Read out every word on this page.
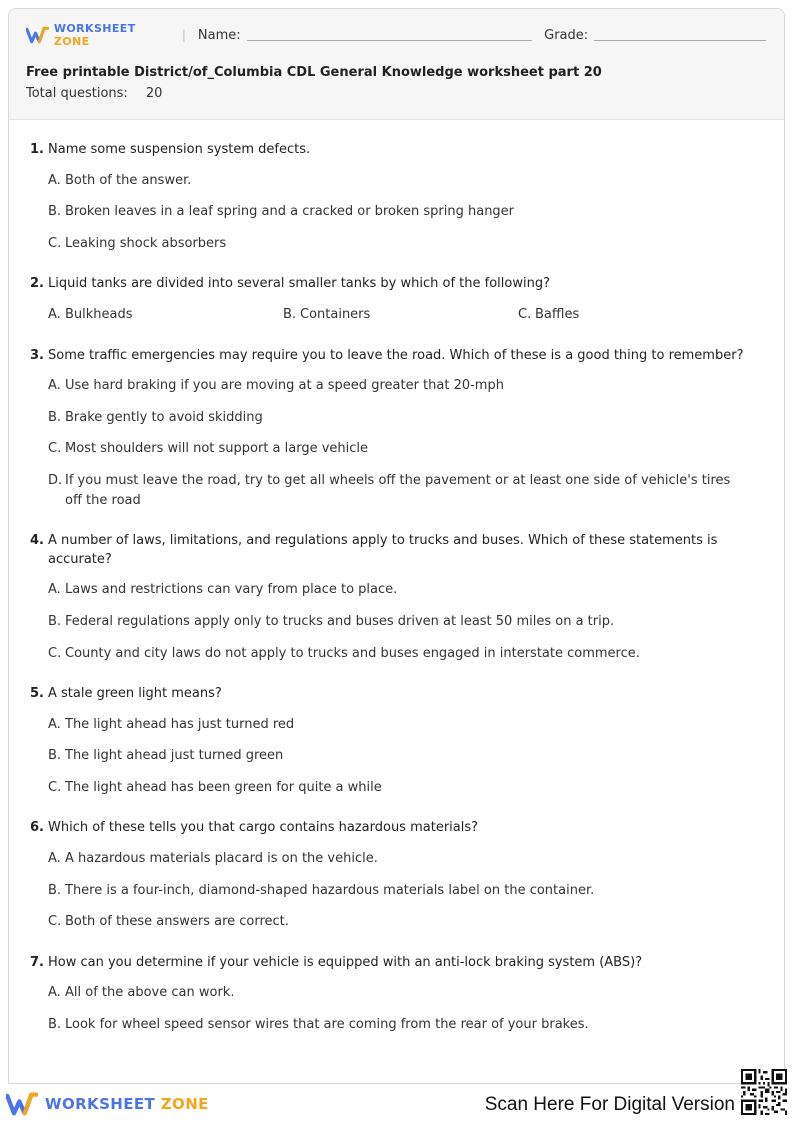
WORKSHEET ZONE	| Name:	Grade:
Free printable District/of_Columbia CDL General Knowledge worksheet part 20
Total questions: 20
1. Name some suspension system defects.
A. Both of the answer.
B. Broken leaves in a leaf spring and a cracked or broken spring hanger
C. Leaking shock absorbers
2. Liquid tanks are divided into several smaller tanks by which of the following?
A. Bulkheads	B. Containers	C. Baffles
3. Some traffic emergencies may require you to leave the road. Which of these is a good thing to remember?
A. Use hard braking if you are moving at a speed greater that 20-mph
B. Brake gently to avoid skidding
C. Most shoulders will not support a large vehicle
D. If you must leave the road, try to get all wheels off the pavement or at least one side of vehicle's tires off the road
4. A number of laws, limitations, and regulations apply to trucks and buses. Which of these statements is accurate?
A. Laws and restrictions can vary from place to place.
B. Federal regulations apply only to trucks and buses driven at least 50 miles on a trip.
C. County and city laws do not apply to trucks and buses engaged in interstate commerce.
5. A stale green light means?
A. The light ahead has just turned red
B. The light ahead just turned green
C. The light ahead has been green for quite a while
6. Which of these tells you that cargo contains hazardous materials?
A. A hazardous materials placard is on the vehicle.
B. There is a four-inch, diamond-shaped hazardous materials label on the container.
C. Both of these answers are correct.
7. How can you determine if your vehicle is equipped with an anti-lock braking system (ABS)?
A. All of the above can work.
B. Look for wheel speed sensor wires that are coming from the rear of your brakes.
WORKSHEET ZONE	Scan Here For Digital Version
